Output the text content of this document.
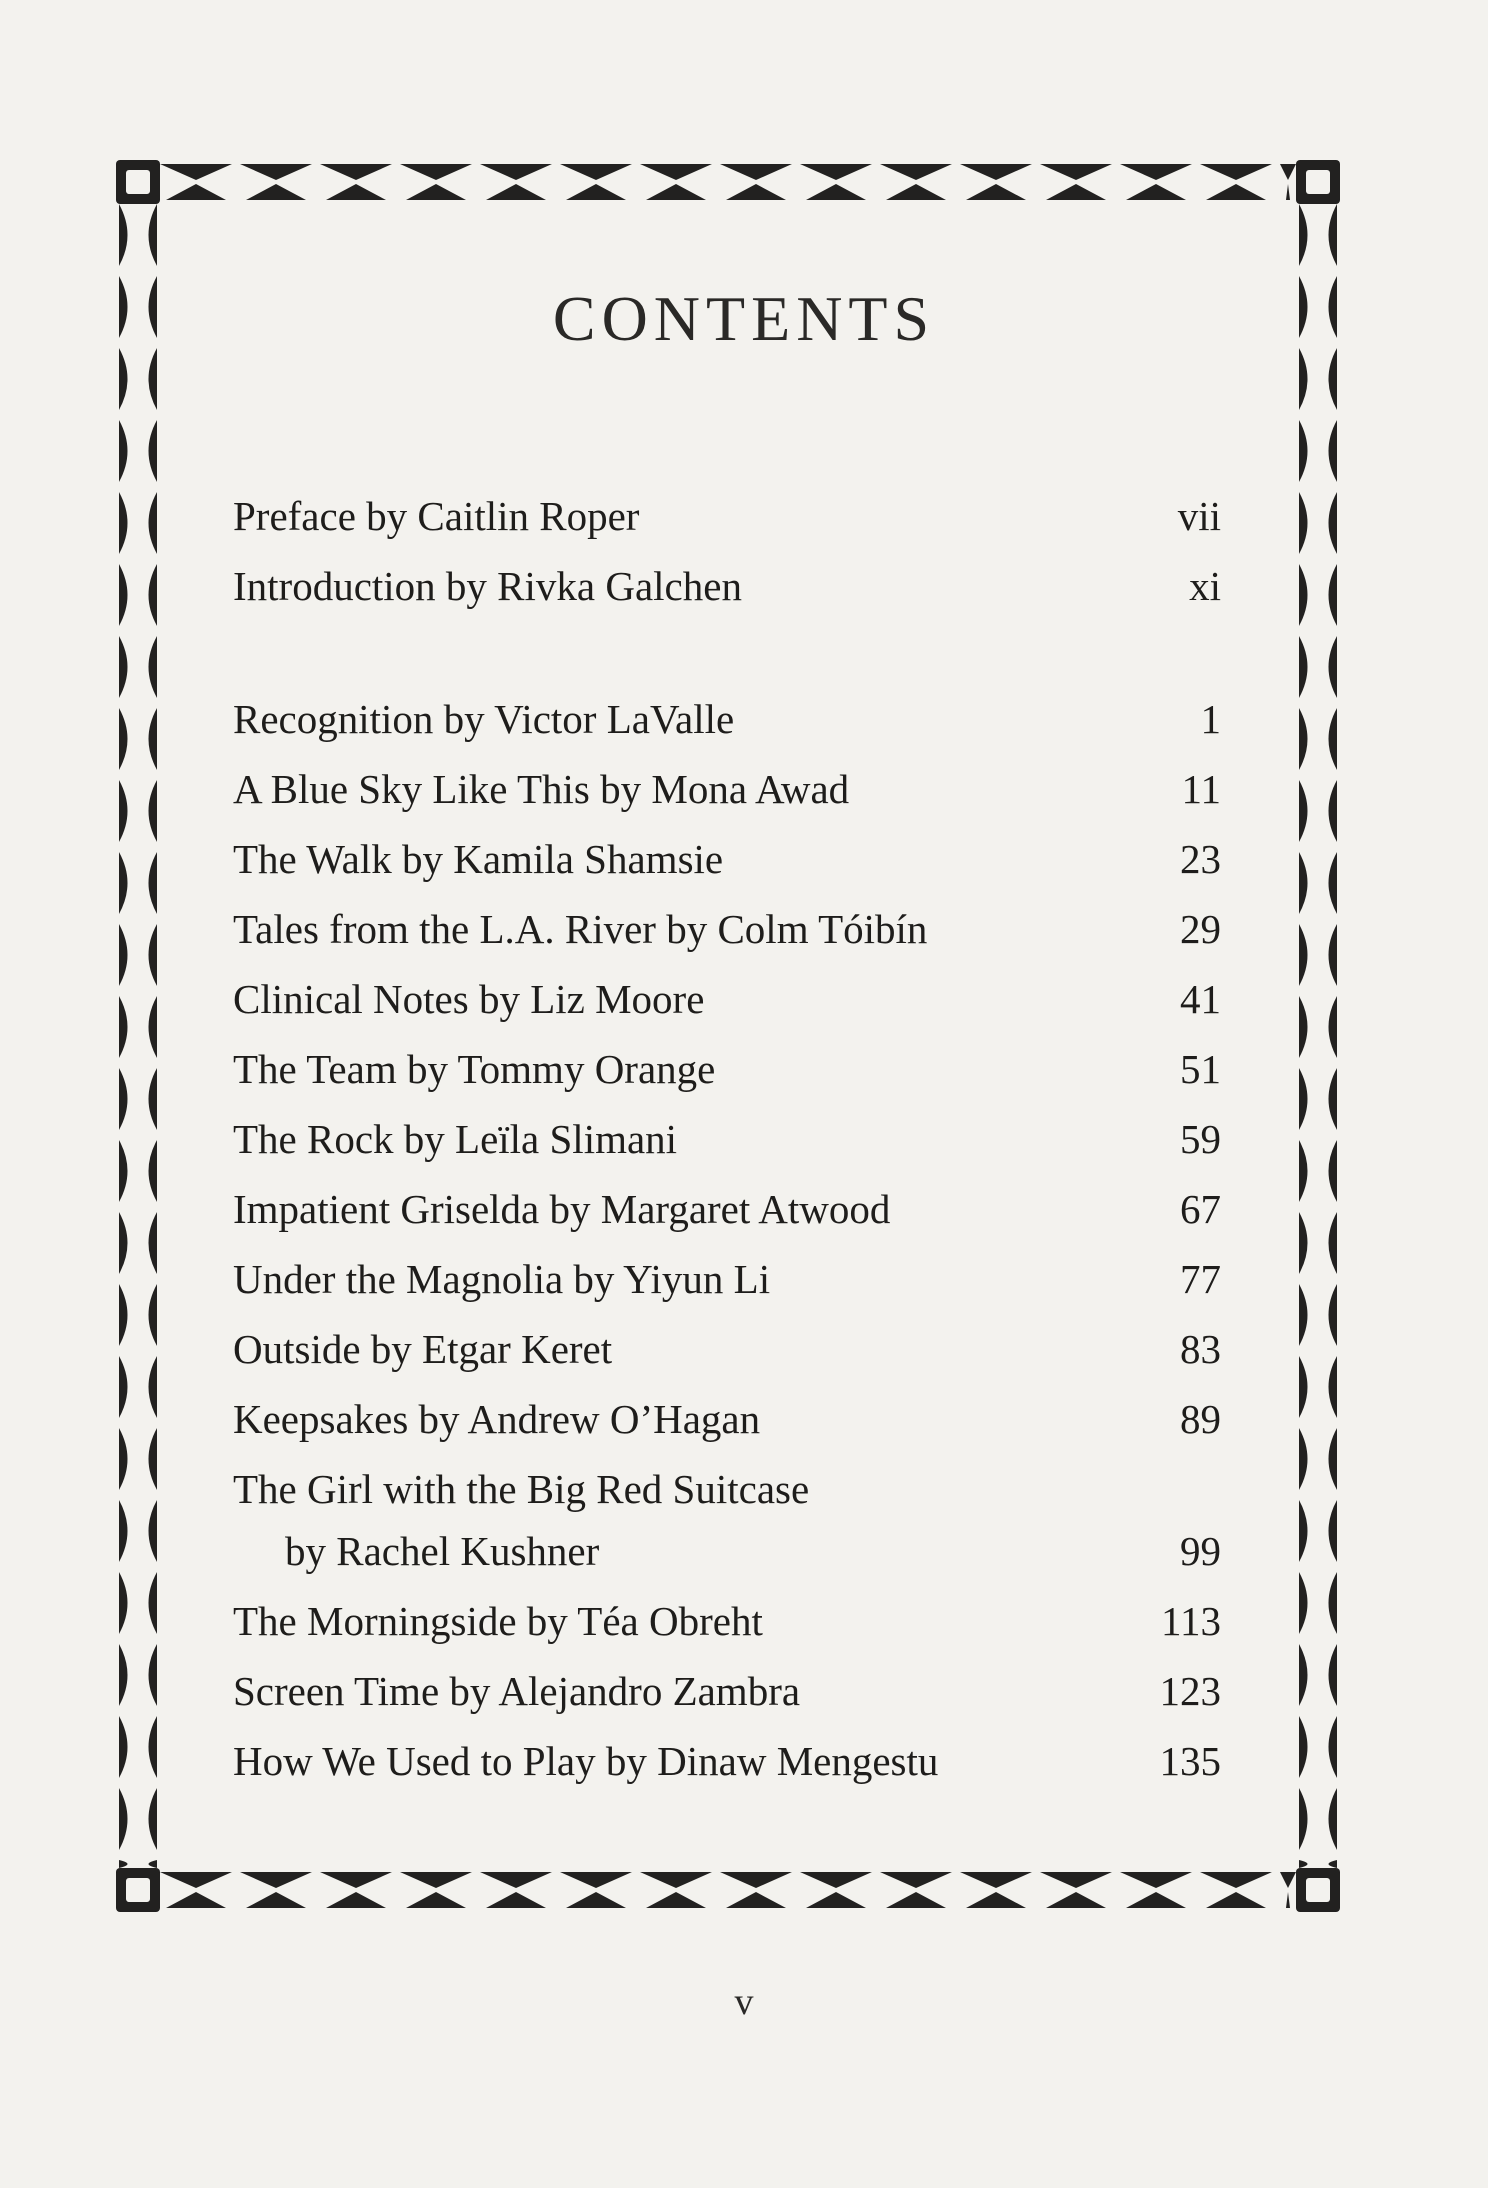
CONTENTS
Preface by Caitlin Roper	vii
Introduction by Rivka Galchen	xi
Recognition by Victor LaValle	1
A Blue Sky Like This by Mona Awad	11
The Walk by Kamila Shamsie	23
Tales from the L.A. River by Colm Tóibín	29
Clinical Notes by Liz Moore	41
The Team by Tommy Orange	51
The Rock by Leïla Slimani	59
Impatient Griselda by Margaret Atwood	67
Under the Magnolia by Yiyun Li	77
Outside by Etgar Keret	83
Keepsakes by Andrew O’Hagan	89
The Girl with the Big Red Suitcase
by Rachel Kushner	99
The Morningside by Téa Obreht	113
Screen Time by Alejandro Zambra	123
How We Used to Play by Dinaw Mengestu	135
v
